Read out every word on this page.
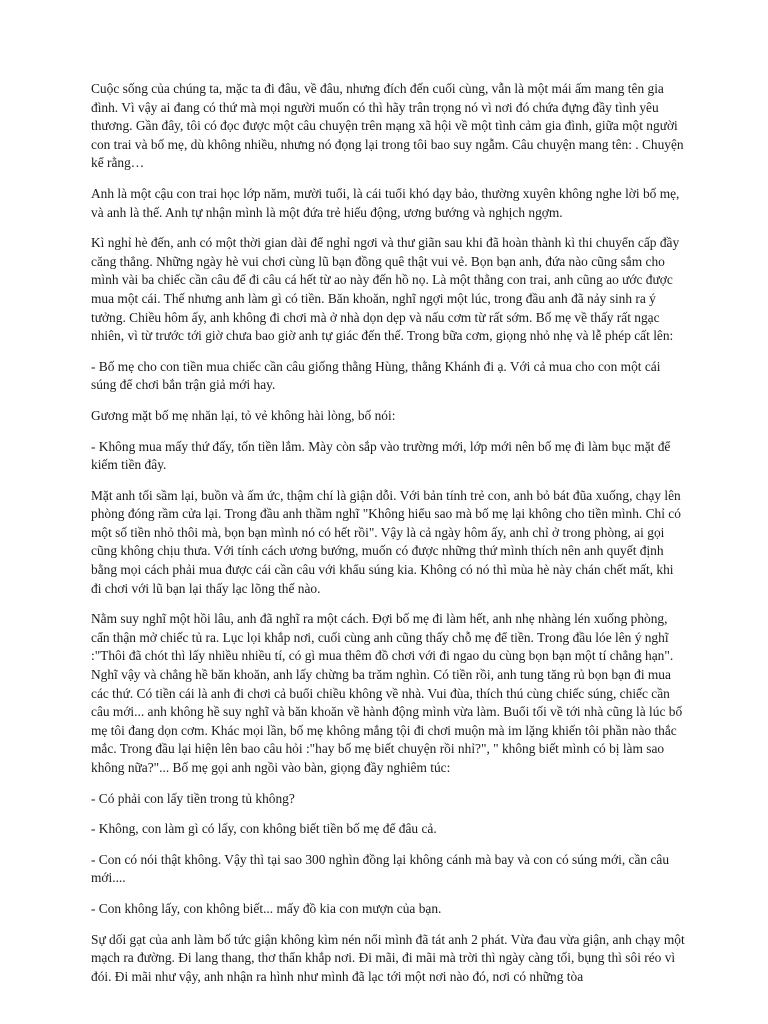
Cuộc sống của chúng ta, mặc ta đi đâu, về đâu, nhưng đích đến cuối cùng, vẫn là một mái ấm mang tên gia đình. Vì vậy ai đang có thứ mà mọi người muốn có thì hãy trân trọng nó vì nơi đó chứa đựng đầy tình yêu thương. Gần đây, tôi có đọc được một câu chuyện trên mạng xã hội về một tình cảm gia đình, giữa một người con trai và bố mẹ, dù không nhiều, nhưng nó đọng lại trong tôi bao suy ngẫm. Câu chuyện mang tên: . Chuyện kể rằng…

Anh là một cậu con trai học lớp năm, mười tuổi, là cái tuổi khó dạy bảo, thường xuyên không nghe lời bố mẹ, và anh là thế. Anh tự nhận mình là một đứa trẻ hiếu động, ương bướng và nghịch ngợm.

Kì nghỉ hè đến, anh có một thời gian dài để nghỉ ngơi và thư giãn sau khi đã hoàn thành kì thi chuyển cấp đầy căng thẳng. Những ngày hè vui chơi cùng lũ bạn đồng quê thật vui vẻ. Bọn bạn anh, đứa nào cũng sắm cho mình vài ba chiếc cần câu để đi câu cá hết từ ao này đến hồ nọ. Là một thằng con trai, anh cũng ao ước được mua một cái. Thế nhưng anh làm gì có tiền. Băn khoăn, nghĩ ngợi một lúc, trong đầu anh đã nảy sinh ra ý tưởng. Chiều hôm ấy, anh không đi chơi mà ở nhà dọn dẹp và nấu cơm từ rất sớm. Bố mẹ về thấy rất ngạc nhiên, vì từ trước tới giờ chưa bao giờ anh tự giác đến thế. Trong bữa cơm, giọng nhỏ nhẹ và lễ phép cất lên:

- Bố mẹ cho con tiền mua chiếc cần câu giống thằng Hùng, thằng Khánh đi ạ. Với cả mua cho con một cái súng để chơi bắn trận giả mới hay.

Gương mặt bố mẹ nhăn lại, tỏ vẻ không hài lòng, bố nói:

- Không mua mấy thứ đấy, tốn tiền lắm. Mày còn sắp vào trường mới, lớp mới nên bố mẹ đi làm bục mặt để kiếm tiền đây.

Mặt anh tối sầm lại, buồn và ấm ức, thậm chí là giận dỗi. Với bản tính trẻ con, anh bỏ bát đũa xuống, chạy lên phòng đóng rầm cửa lại. Trong đầu anh thầm nghĩ "Không hiểu sao mà bố mẹ lại không cho tiền mình. Chỉ có một số tiền nhỏ thôi mà, bọn bạn mình nó có hết rồi". Vậy là cả ngày hôm ấy, anh chỉ ở trong phòng, ai gọi cũng không chịu thưa. Với tính cách ương bướng, muốn có được những thứ mình thích nên anh quyết định bằng mọi cách phải mua được cái cần câu với khẩu súng kia. Không có nó thì mùa hè này chán chết mất, khi đi chơi với lũ bạn lại thấy lạc lõng thế nào.

Nằm suy nghĩ một hồi lâu, anh đã nghĩ ra một cách. Đợi bố mẹ đi làm hết, anh nhẹ nhàng lén xuống phòng, cẩn thận mở chiếc tủ ra. Lục lọi khắp nơi, cuối cùng anh cũng thấy chỗ mẹ để tiền. Trong đầu lóe lên ý nghĩ :"Thôi đã chót thì lấy nhiều nhiều tí, có gì mua thêm đồ chơi với đi ngao du cùng bọn bạn một tí chẳng hạn". Nghĩ vậy và chẳng hề băn khoăn, anh lấy chừng ba trăm nghìn. Có tiền rồi, anh tung tăng rủ bọn bạn đi mua các thứ. Có tiền cái là anh đi chơi cả buổi chiều không về nhà. Vui đùa, thích thú cùng chiếc súng, chiếc cần câu mới... anh không hề suy nghĩ và băn khoăn về hành động mình vừa làm. Buổi tối về tới nhà cũng là lúc bố mẹ tôi đang dọn cơm. Khác mọi lần, bố mẹ không mắng tội đi chơi muộn mà im lặng khiến tôi phần nào thắc mắc. Trong đầu lại hiện lên bao câu hỏi :"hay bố mẹ biết chuyện rồi nhỉ?", " không biết mình có bị làm sao không nữa?"... Bố mẹ gọi anh ngồi vào bàn, giọng đầy nghiêm túc:

- Có phải con lấy tiền trong tủ không?

- Không, con làm gì có lấy, con không biết tiền bố mẹ để đâu cả.

- Con có nói thật không. Vậy thì tại sao 300 nghìn đồng lại không cánh mà bay và con có súng mới, cần câu mới....

- Con không lấy, con không biết... mấy đồ kia con mượn của bạn.

Sự dối gạt của anh làm bố tức giận không kìm nén nổi mình đã tát anh 2 phát. Vừa đau vừa giận, anh chạy một mạch ra đường. Đi lang thang, thơ thẩn khắp nơi. Đi mãi, đi mãi mà trời thì ngày càng tối, bụng thì sôi réo vì đói. Đi mãi như vậy, anh nhận ra hình như mình đã lạc tới một nơi nào đó, nơi có những tòa
